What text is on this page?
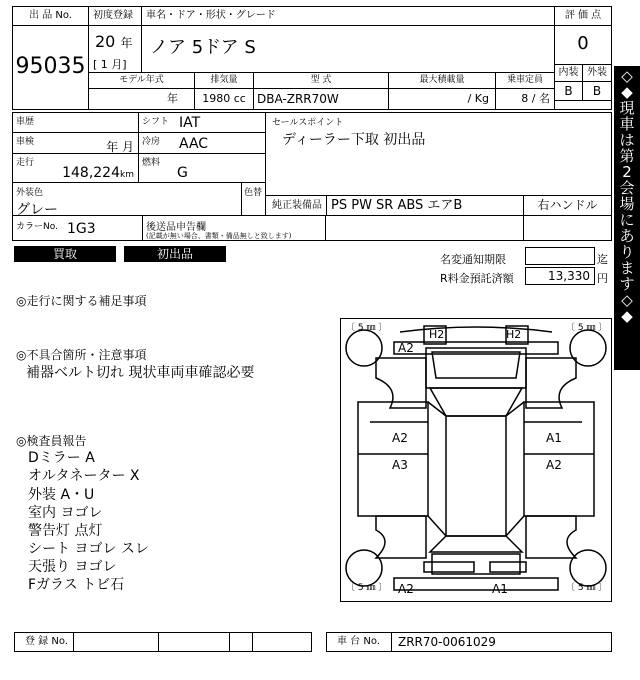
出 品 No.
95035
初度登録
20 年
[ 1 月]
車名・ドア・形状・グレード
ノア 5ドア S
評 価 点
0
内装 外装
B	B
モデル年式
年
排気量
1980 cc
型 式
DBA-ZRR70W
最大積載量
/ Kg
乗車定員
8 / 名
車歴
車検	年 月
走行
148,224 km
シフト IAT
冷房 AAC
燃料
G
セールスポイント
ディーラー下取 初出品
外装色
グレー
色替
純正装備品 PS PW SR ABS エアB	右ハンドル
カラーNo. 1G3	後送品申告欄
(記載が無い場合、書類・備品無しと致します)
買取	初出品	名変通知期限	迄
R料金預託済額	13,330 円
◎走行に関する補足事項
◎不具合箇所・注意事項
補器ベルト切れ 現状車両車確認必要
◎検査員報告
Dミラー A
オルタネーター X
外装 A・U
室内 ヨゴレ
警告灯 点灯
シート ヨゴレ スレ
天張り ヨゴレ
Fガラス トビ石
〔 5 ㎜ 〕	〔 5 ㎜ 〕
〔 5 ㎜ 〕	〔 5 ㎜ 〕
A2
H2	H2
A2
A3
A1
A2
A2	A1
登 録 No.	車 台 No.	ZRR70-0061029
◇
◆
現
車
は
第
2
会
場
に
あ
り
ま
す
◇
◆
